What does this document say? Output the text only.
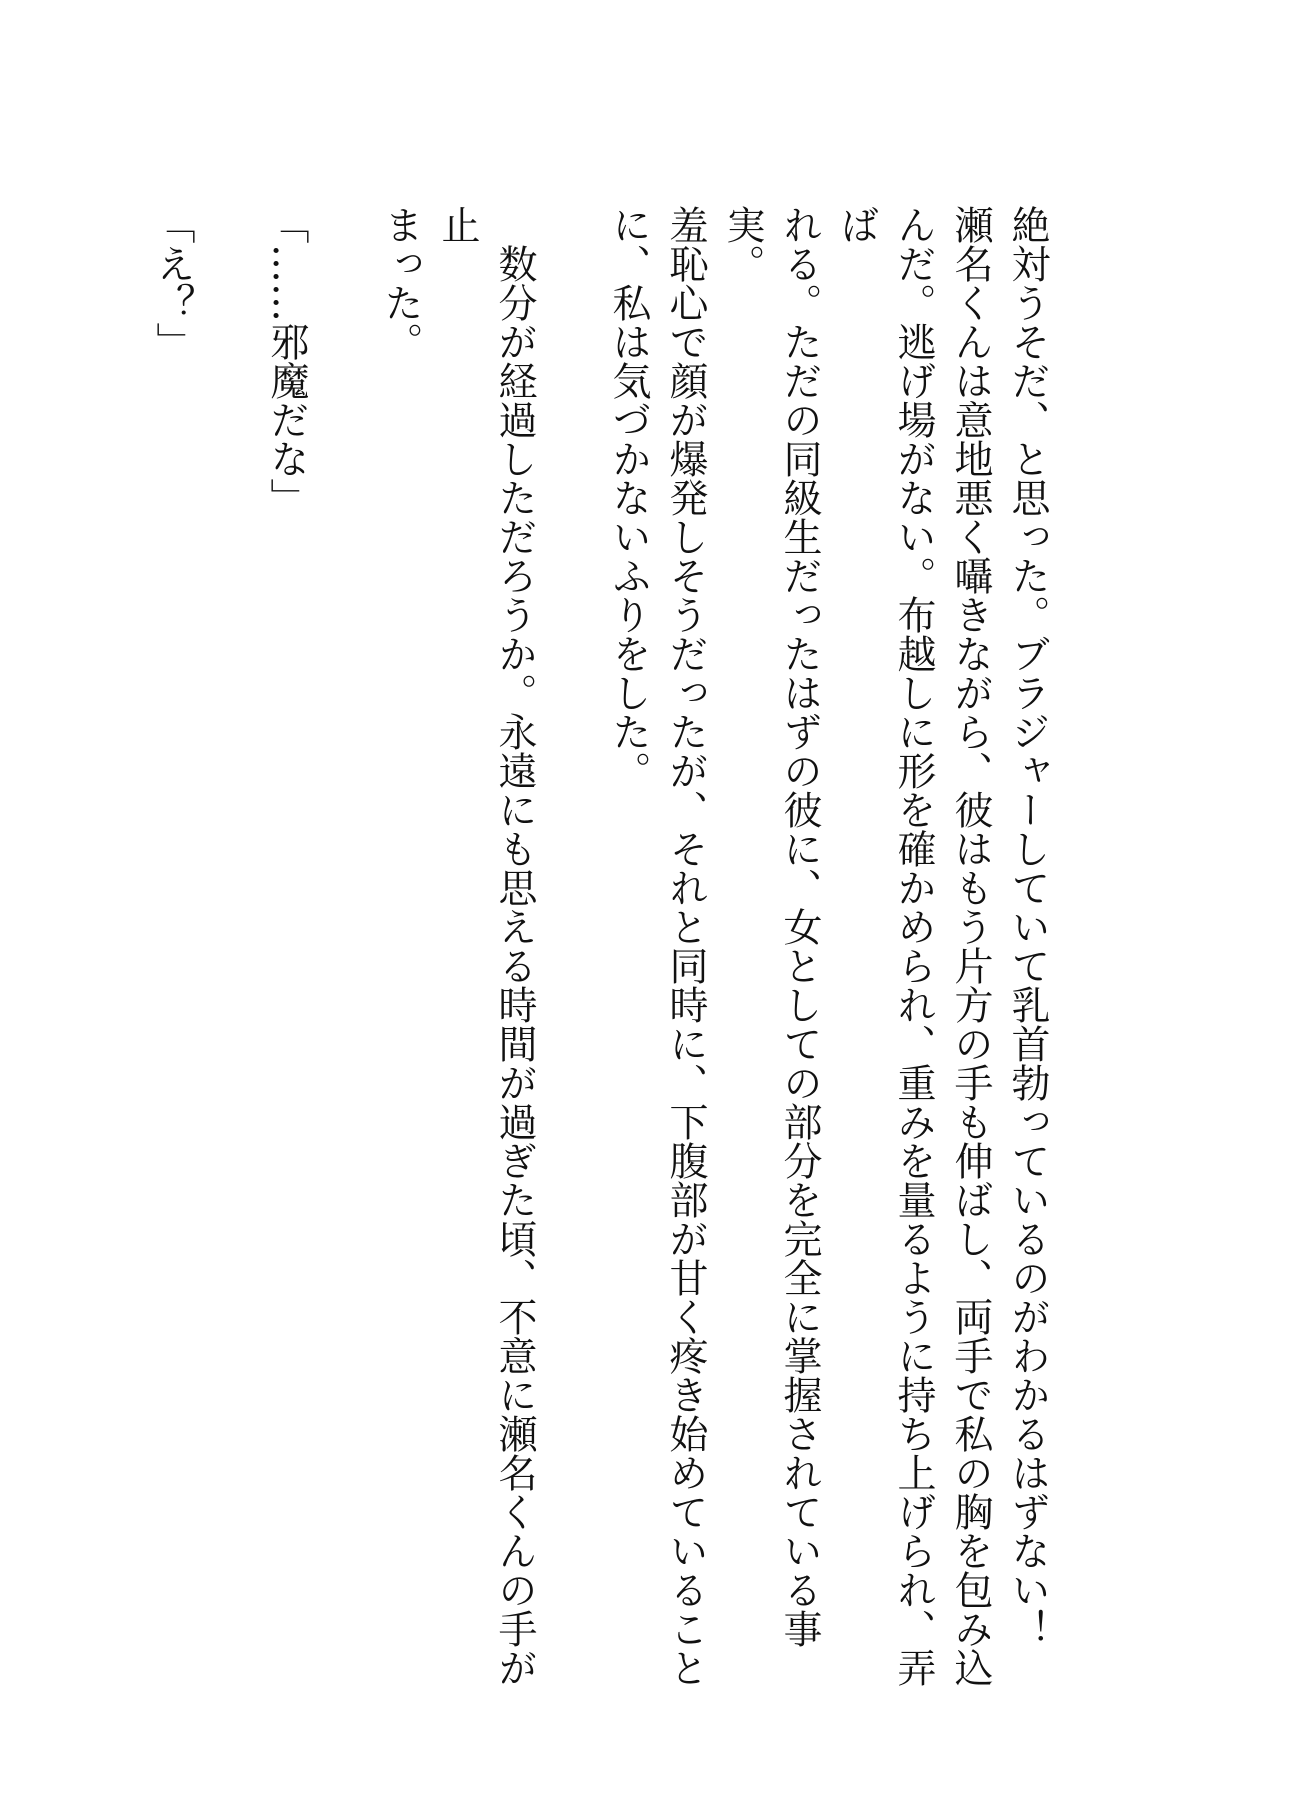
絶対うそだ、と思った。ブラジャーしていて乳首勃っているのがわかるはずない！
瀬名くんは意地悪く囁きながら、彼はもう片方の手も伸ばし、両手で私の胸を包み込
んだ。逃げ場がない。布越しに形を確かめられ、重みを量るように持ち上げられ、弄ば
れる。ただの同級生だったはずの彼に、女としての部分を完全に掌握されている事実。
羞恥心で顔が爆発しそうだったが、それと同時に、下腹部が甘く疼き始めていること
に、私は気づかないふりをした。

数分が経過しただろうか。永遠にも思える時間が過ぎた頃、不意に瀬名くんの手が止
まった。

「……邪魔だな」

「え？」
